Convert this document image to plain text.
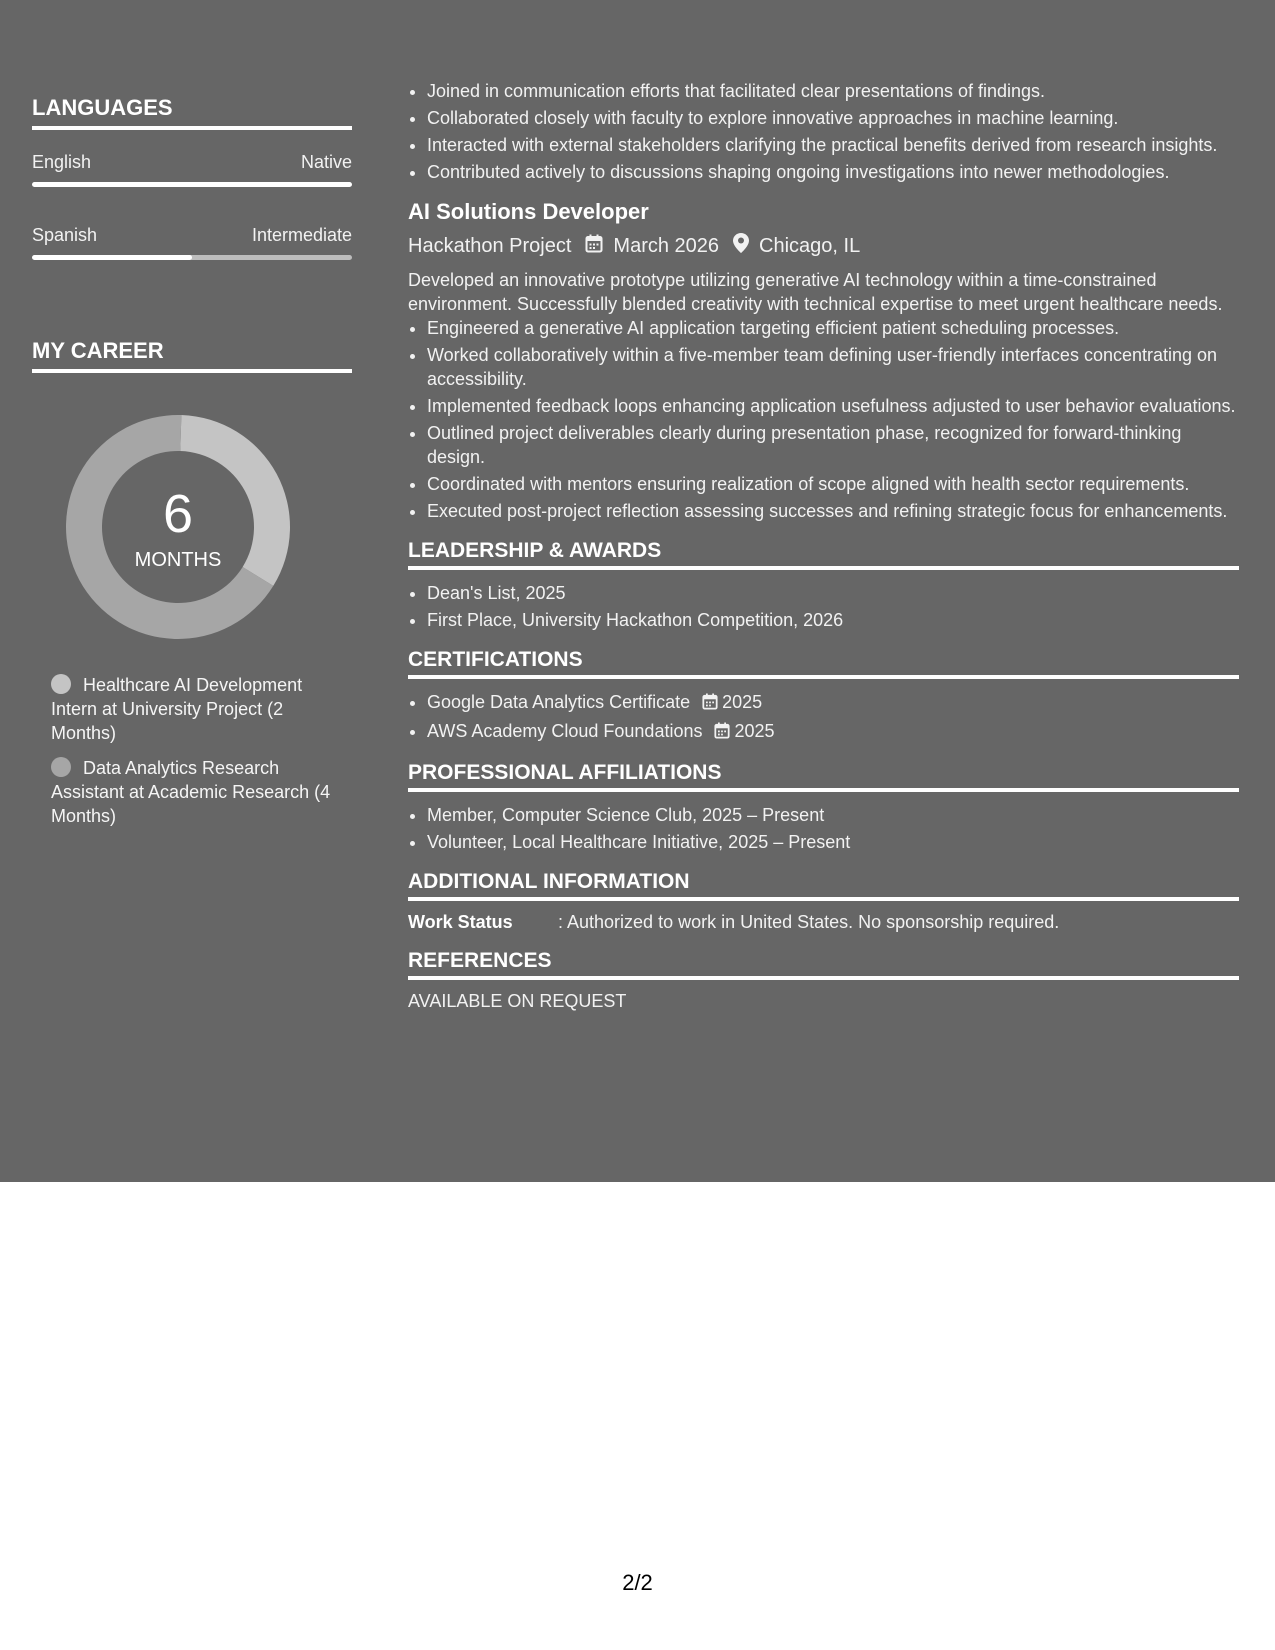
LANGUAGES
English	Native
Spanish	Intermediate
MY CAREER
6
MONTHS
Healthcare AI Development Intern at University Project (2 Months)
Data Analytics Research Assistant at Academic Research (4 Months)
• Joined in communication efforts that facilitated clear presentations of findings.
• Collaborated closely with faculty to explore innovative approaches in machine learning.
• Interacted with external stakeholders clarifying the practical benefits derived from research insights.
• Contributed actively to discussions shaping ongoing investigations into newer methodologies.
AI Solutions Developer
Hackathon Project March 2026 Chicago, IL
Developed an innovative prototype utilizing generative AI technology within a time-constrained environment. Successfully blended creativity with technical expertise to meet urgent healthcare needs.
• Engineered a generative AI application targeting efficient patient scheduling processes.
• Worked collaboratively within a five-member team defining user-friendly interfaces concentrating on accessibility.
• Implemented feedback loops enhancing application usefulness adjusted to user behavior evaluations.
• Outlined project deliverables clearly during presentation phase, recognized for forward-thinking design.
• Coordinated with mentors ensuring realization of scope aligned with health sector requirements.
• Executed post-project reflection assessing successes and refining strategic focus for enhancements.
LEADERSHIP & AWARDS
• Dean's List, 2025
• First Place, University Hackathon Competition, 2026
CERTIFICATIONS
• Google Data Analytics Certificate 2025
• AWS Academy Cloud Foundations 2025
PROFESSIONAL AFFILIATIONS
• Member, Computer Science Club, 2025 – Present
• Volunteer, Local Healthcare Initiative, 2025 – Present
ADDITIONAL INFORMATION
Work Status	: Authorized to work in United States. No sponsorship required.
REFERENCES
AVAILABLE ON REQUEST
2/2
